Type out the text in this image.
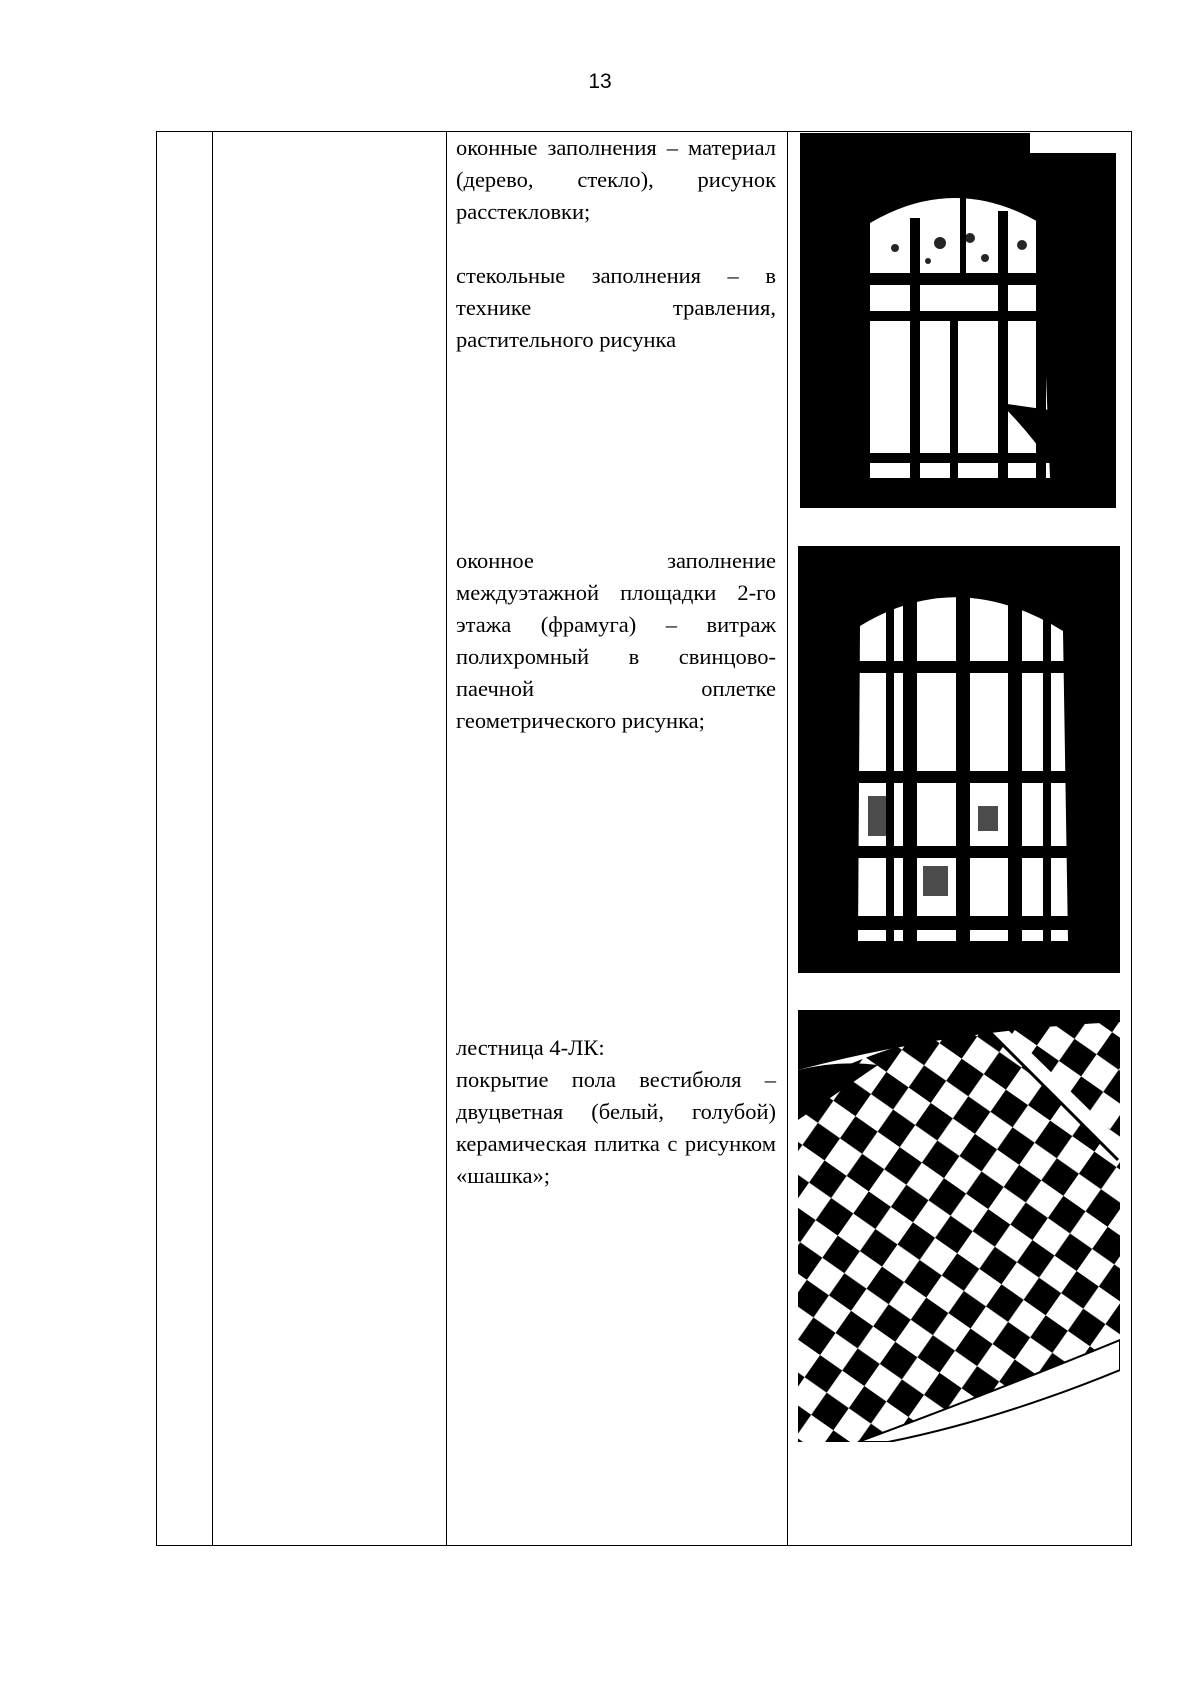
13

оконные заполнения – материал (дерево, стекло), рисунок расстекловки;

стекольные заполнения – в технике травления, растительного рисунка

оконное заполнение междуэтажной площадки 2-го этажа (фрамуга) – витраж полихромный в свинцово-паечной оплетке геометрического рисунка;

лестница 4-ЛК:

покрытие пола вестибюля – двуцветная (белый, голубой) керамическая плитка с рисунком «шашка»;
